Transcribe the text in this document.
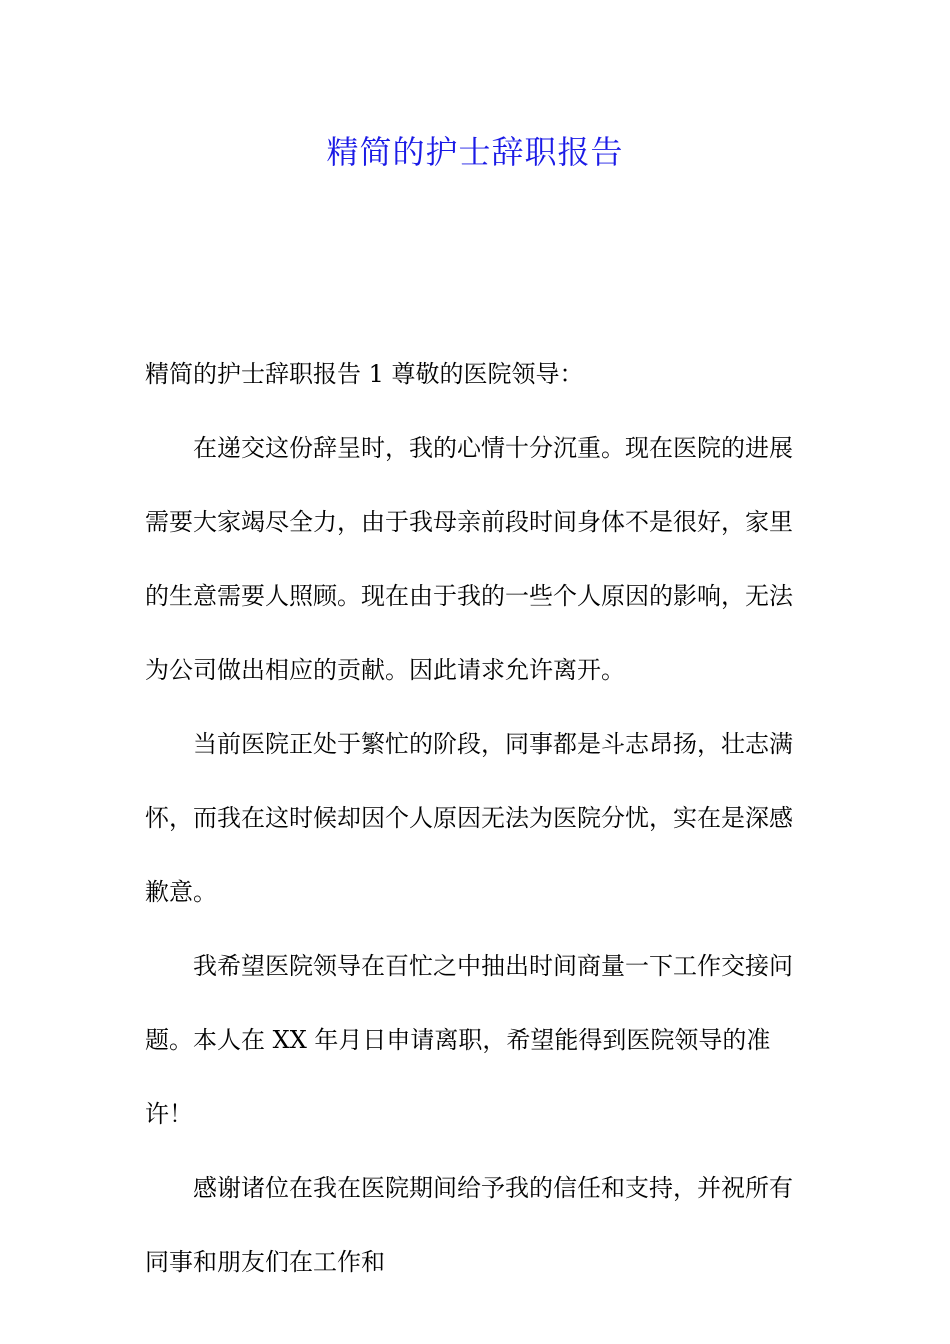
精简的护士辞职报告

精简的护士辞职报告 1 尊敬的医院领导：

在递交这份辞呈时，我的心情十分沉重。现在医院的进展需要大家竭尽全力，由于我母亲前段时间身体不是很好，家里的生意需要人照顾。现在由于我的一些个人原因的影响，无法为公司做出相应的贡献。因此请求允许离开。

当前医院正处于繁忙的阶段，同事都是斗志昂扬，壮志满怀，而我在这时候却因个人原因无法为医院分忧，实在是深感歉意。

我希望医院领导在百忙之中抽出时间商量一下工作交接问题。本人在 XX 年月日申请离职，希望能得到医院领导的准许！

感谢诸位在我在医院期间给予我的信任和支持，并祝所有同事和朋友们在工作和
